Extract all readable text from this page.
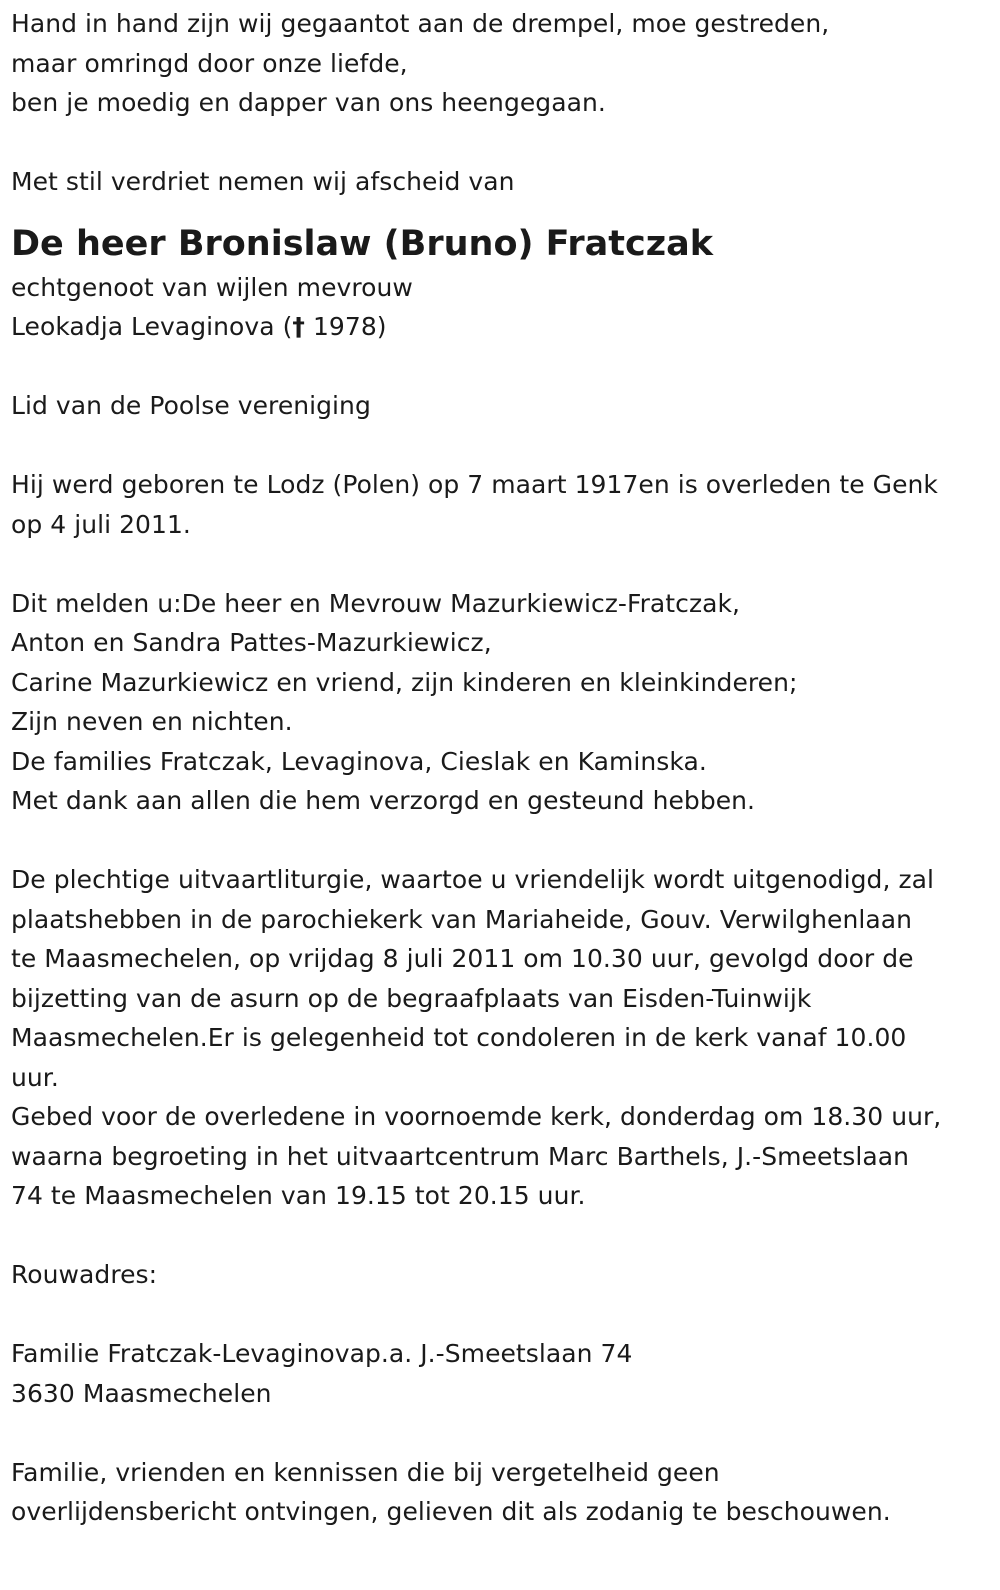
Hand in hand zijn wij gegaantot aan de drempel, moe gestreden,
maar omringd door onze liefde,
ben je moedig en dapper van ons heengegaan.
Met stil verdriet nemen wij afscheid van
De heer Bronislaw (Bruno) Fratczak
echtgenoot van wijlen mevrouw
Leokadja Levaginova († 1978)
Lid van de Poolse vereniging
Hij werd geboren te Lodz (Polen) op 7 maart 1917en is overleden te Genk
op 4 juli 2011.
Dit melden u:De heer en Mevrouw Mazurkiewicz-Fratczak,
Anton en Sandra Pattes-Mazurkiewicz,
Carine Mazurkiewicz en vriend, zijn kinderen en kleinkinderen;
Zijn neven en nichten.
De families Fratczak, Levaginova, Cieslak en Kaminska.
Met dank aan allen die hem verzorgd en gesteund hebben.
De plechtige uitvaartliturgie, waartoe u vriendelijk wordt uitgenodigd, zal
plaatshebben in de parochiekerk van Mariaheide, Gouv. Verwilghenlaan
te Maasmechelen, op vrijdag 8 juli 2011 om 10.30 uur, gevolgd door de
bijzetting van de asurn op de begraafplaats van Eisden-Tuinwijk
Maasmechelen.Er is gelegenheid tot condoleren in de kerk vanaf 10.00
uur.
Gebed voor de overledene in voornoemde kerk, donderdag om 18.30 uur,
waarna begroeting in het uitvaartcentrum Marc Barthels, J.-Smeetslaan
74 te Maasmechelen van 19.15 tot 20.15 uur.
Rouwadres:
Familie Fratczak-Levaginovap.a. J.-Smeetslaan 74
3630 Maasmechelen
Familie, vrienden en kennissen die bij vergetelheid geen
overlijdensbericht ontvingen, gelieven dit als zodanig te beschouwen.
